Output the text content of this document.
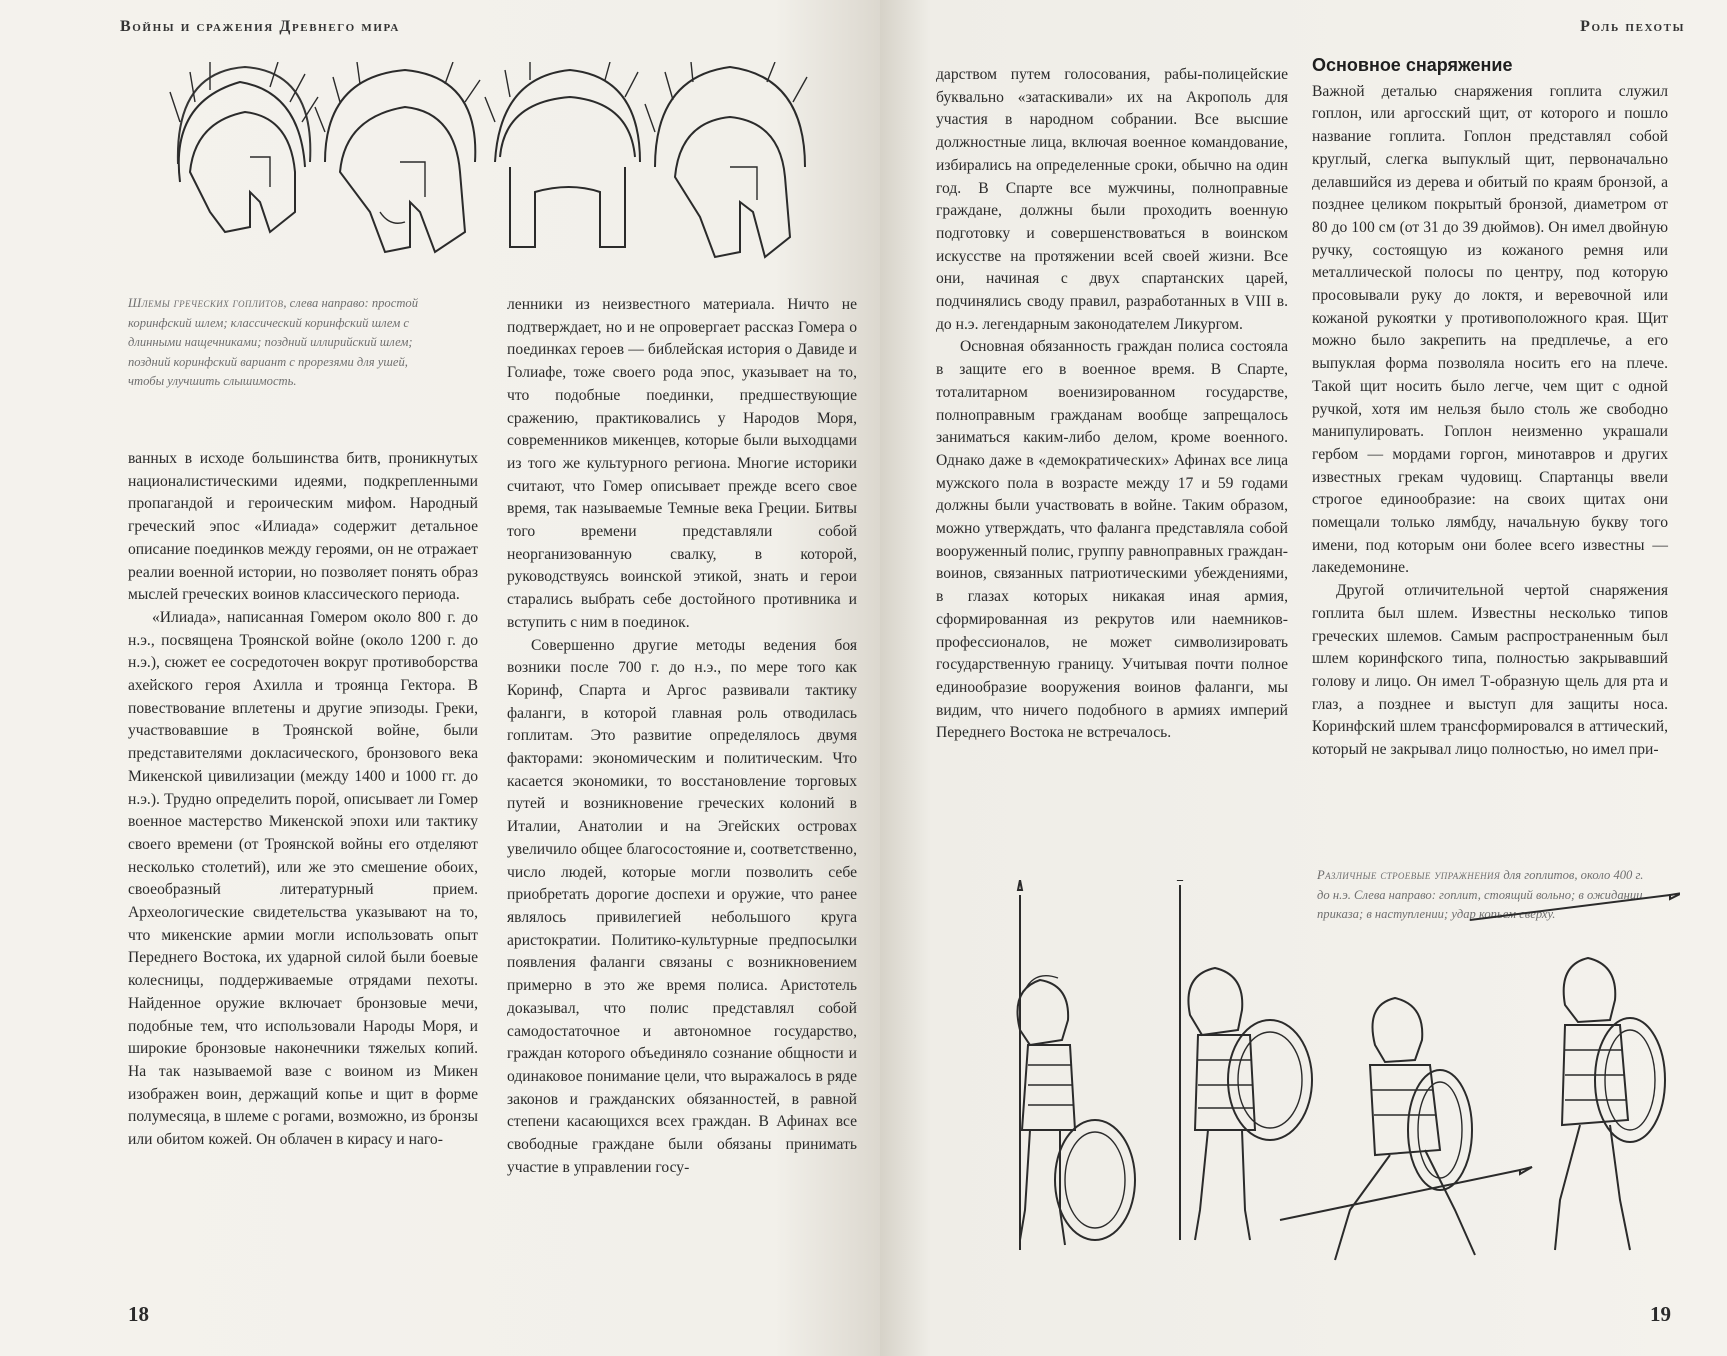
Войны и сражения Древнего мира
Шлемы греческих гоплитов, слева направо: простой коринфский шлем; классический коринфский шлем с длинными нащечниками; поздний иллирийский шлем; поздний коринфский вариант с прорезями для ушей, чтобы улучшить слышимость.

ванных в исходе большинства битв, проникнутых националистическими идеями, подкрепленными пропагандой и героическим мифом. Народный греческий эпос «Илиада» содержит детальное описание поединков между героями, он не отражает реалии военной истории, но позволяет понять образ мыслей греческих воинов классического периода.

«Илиада», написанная Гомером около 800 г. до н.э., посвящена Троянской войне (около 1200 г. до н.э.), сюжет ее сосредоточен вокруг противоборства ахейского героя Ахилла и троянца Гектора. В повествование вплетены и другие эпизоды. Греки, участвовавшие в Троянской войне, были представителями докласического, бронзового века Микенской цивилизации (между 1400 и 1000 гг. до н.э.). Трудно определить порой, описывает ли Гомер военное мастерство Микенской эпохи или тактику своего времени (от Троянской войны его отделяют несколько столетий), или же это смешение обоих, своеобразный литературный прием. Археологические свидетельства указывают на то, что микенские армии могли использовать опыт Переднего Востока, их ударной силой были боевые колесницы, поддерживаемые отрядами пехоты. Найденное оружие включает бронзовые мечи, подобные тем, что использовали Народы Моря, и широкие бронзовые наконечники тяжелых копий. На так называемой вазе с воином из Микен изображен воин, держащий копье и щит в форме полумесяца, в шлеме с рогами, возможно, из бронзы или обитом кожей. Он облачен в кирасу и наго-

ленники из неизвестного материала. Ничто не подтверждает, но и не опровергает рассказ Гомера о поединках героев — библейская история о Давиде и Голиафе, тоже своего рода эпос, указывает на то, что подобные поединки, предшествующие сражению, практиковались у Народов Моря, современников микенцев, которые были выходцами из того же культурного региона. Многие историки считают, что Гомер описывает прежде всего свое время, так называемые Темные века Греции. Битвы того времени представляли собой неорганизованную свалку, в которой, руководствуясь воинской этикой, знать и герои старались выбрать себе достойного противника и вступить с ним в поединок.

Совершенно другие методы ведения боя возники после 700 г. до н.э., по мере того как Коринф, Спарта и Аргос развивали тактику фаланги, в которой главная роль отводилась гоплитам. Это развитие определялось двумя факторами: экономическим и политическим. Что касается экономики, то восстановление торговых путей и возникновение греческих колоний в Италии, Анатолии и на Эгейских островах увеличило общее благосостояние и, соответственно, число людей, которые могли позволить себе приобретать дорогие доспехи и оружие, что ранее являлось привилегией небольшого круга аристократии. Политико-культурные предпосылки появления фаланги связаны с возникновением примерно в это же время полиса. Аристотель доказывал, что полис представлял собой самодостаточное и автономное государство, граждан которого объединяло сознание общности и одинаковое понимание цели, что выражалось в ряде законов и гражданских обязанностей, в равной степени касающихся всех граждан. В Афинах все свободные граждане были обязаны принимать участие в управлении госу-

18
Роль пехоты

дарством путем голосования, рабы-полицейские буквально «затаскивали» их на Акрополь для участия в народном собрании. Все высшие должностные лица, включая военное командование, избирались на определенные сроки, обычно на один год. В Спарте все мужчины, полноправные граждане, должны были проходить военную подготовку и совершенствоваться в воинском искусстве на протяжении всей своей жизни. Все они, начиная с двух спартанских царей, подчинялись своду правил, разработанных в VIII в. до н.э. легендарным законодателем Ликургом.

Основная обязанность граждан полиса состояла в защите его в военное время. В Спарте, тоталитарном военизированном государстве, полноправным гражданам вообще запрещалось заниматься каким-либо делом, кроме военного. Однако даже в «демократических» Афинах все лица мужского пола в возрасте между 17 и 59 годами должны были участвовать в войне. Таким образом, можно утверждать, что фаланга представляла собой вооруженный полис, группу равноправных граждан-воинов, связанных патриотическими убеждениями, в глазах которых никакая иная армия, сформированная из рекрутов или наемников-профессионалов, не может символизировать государственную границу. Учитывая почти полное единообразие вооружения воинов фаланги, мы видим, что ничего подобного в армиях империй Переднего Востока не встречалось.

Основное снаряжение

Важной деталью снаряжения гоплита служил гоплон, или аргосский щит, от которого и пошло название гоплита. Гоплон представлял собой круглый, слегка выпуклый щит, первоначально делавшийся из дерева и обитый по краям бронзой, а позднее целиком покрытый бронзой, диаметром от 80 до 100 см (от 31 до 39 дюймов). Он имел двойную ручку, состоящую из кожаного ремня или металлической полосы по центру, под которую просовывали руку до локтя, и веревочной или кожаной рукоятки у противоположного края. Щит можно было закрепить на предплечье, а его выпуклая форма позволяла носить его на плече. Такой щит носить было легче, чем щит с одной ручкой, хотя им нельзя было столь же свободно манипулировать. Гоплон неизменно украшали гербом — мордами горгон, минотавров и других известных грекам чудовищ. Спартанцы ввели строгое единообразие: на своих щитах они помещали только лямбду, начальную букву того имени, под которым они более всего известны — лакедемонине.

Другой отличительной чертой снаряжения гоплита был шлем. Известны несколько типов греческих шлемов. Самым распространенным был шлем коринфского типа, полностью закрывавший голову и лицо. Он имел Т-образную щель для рта и глаз, а позднее и выступ для защиты носа. Коринфский шлем трансформировался в аттический, который не закрывал лицо полностью, но имел при-

Различные строевые упражнения для гоплитов, около 400 г. до н.э. Слева направо: гоплит, стоящий вольно; в ожидании приказа; в наступлении; удар копьем сверху.
19
